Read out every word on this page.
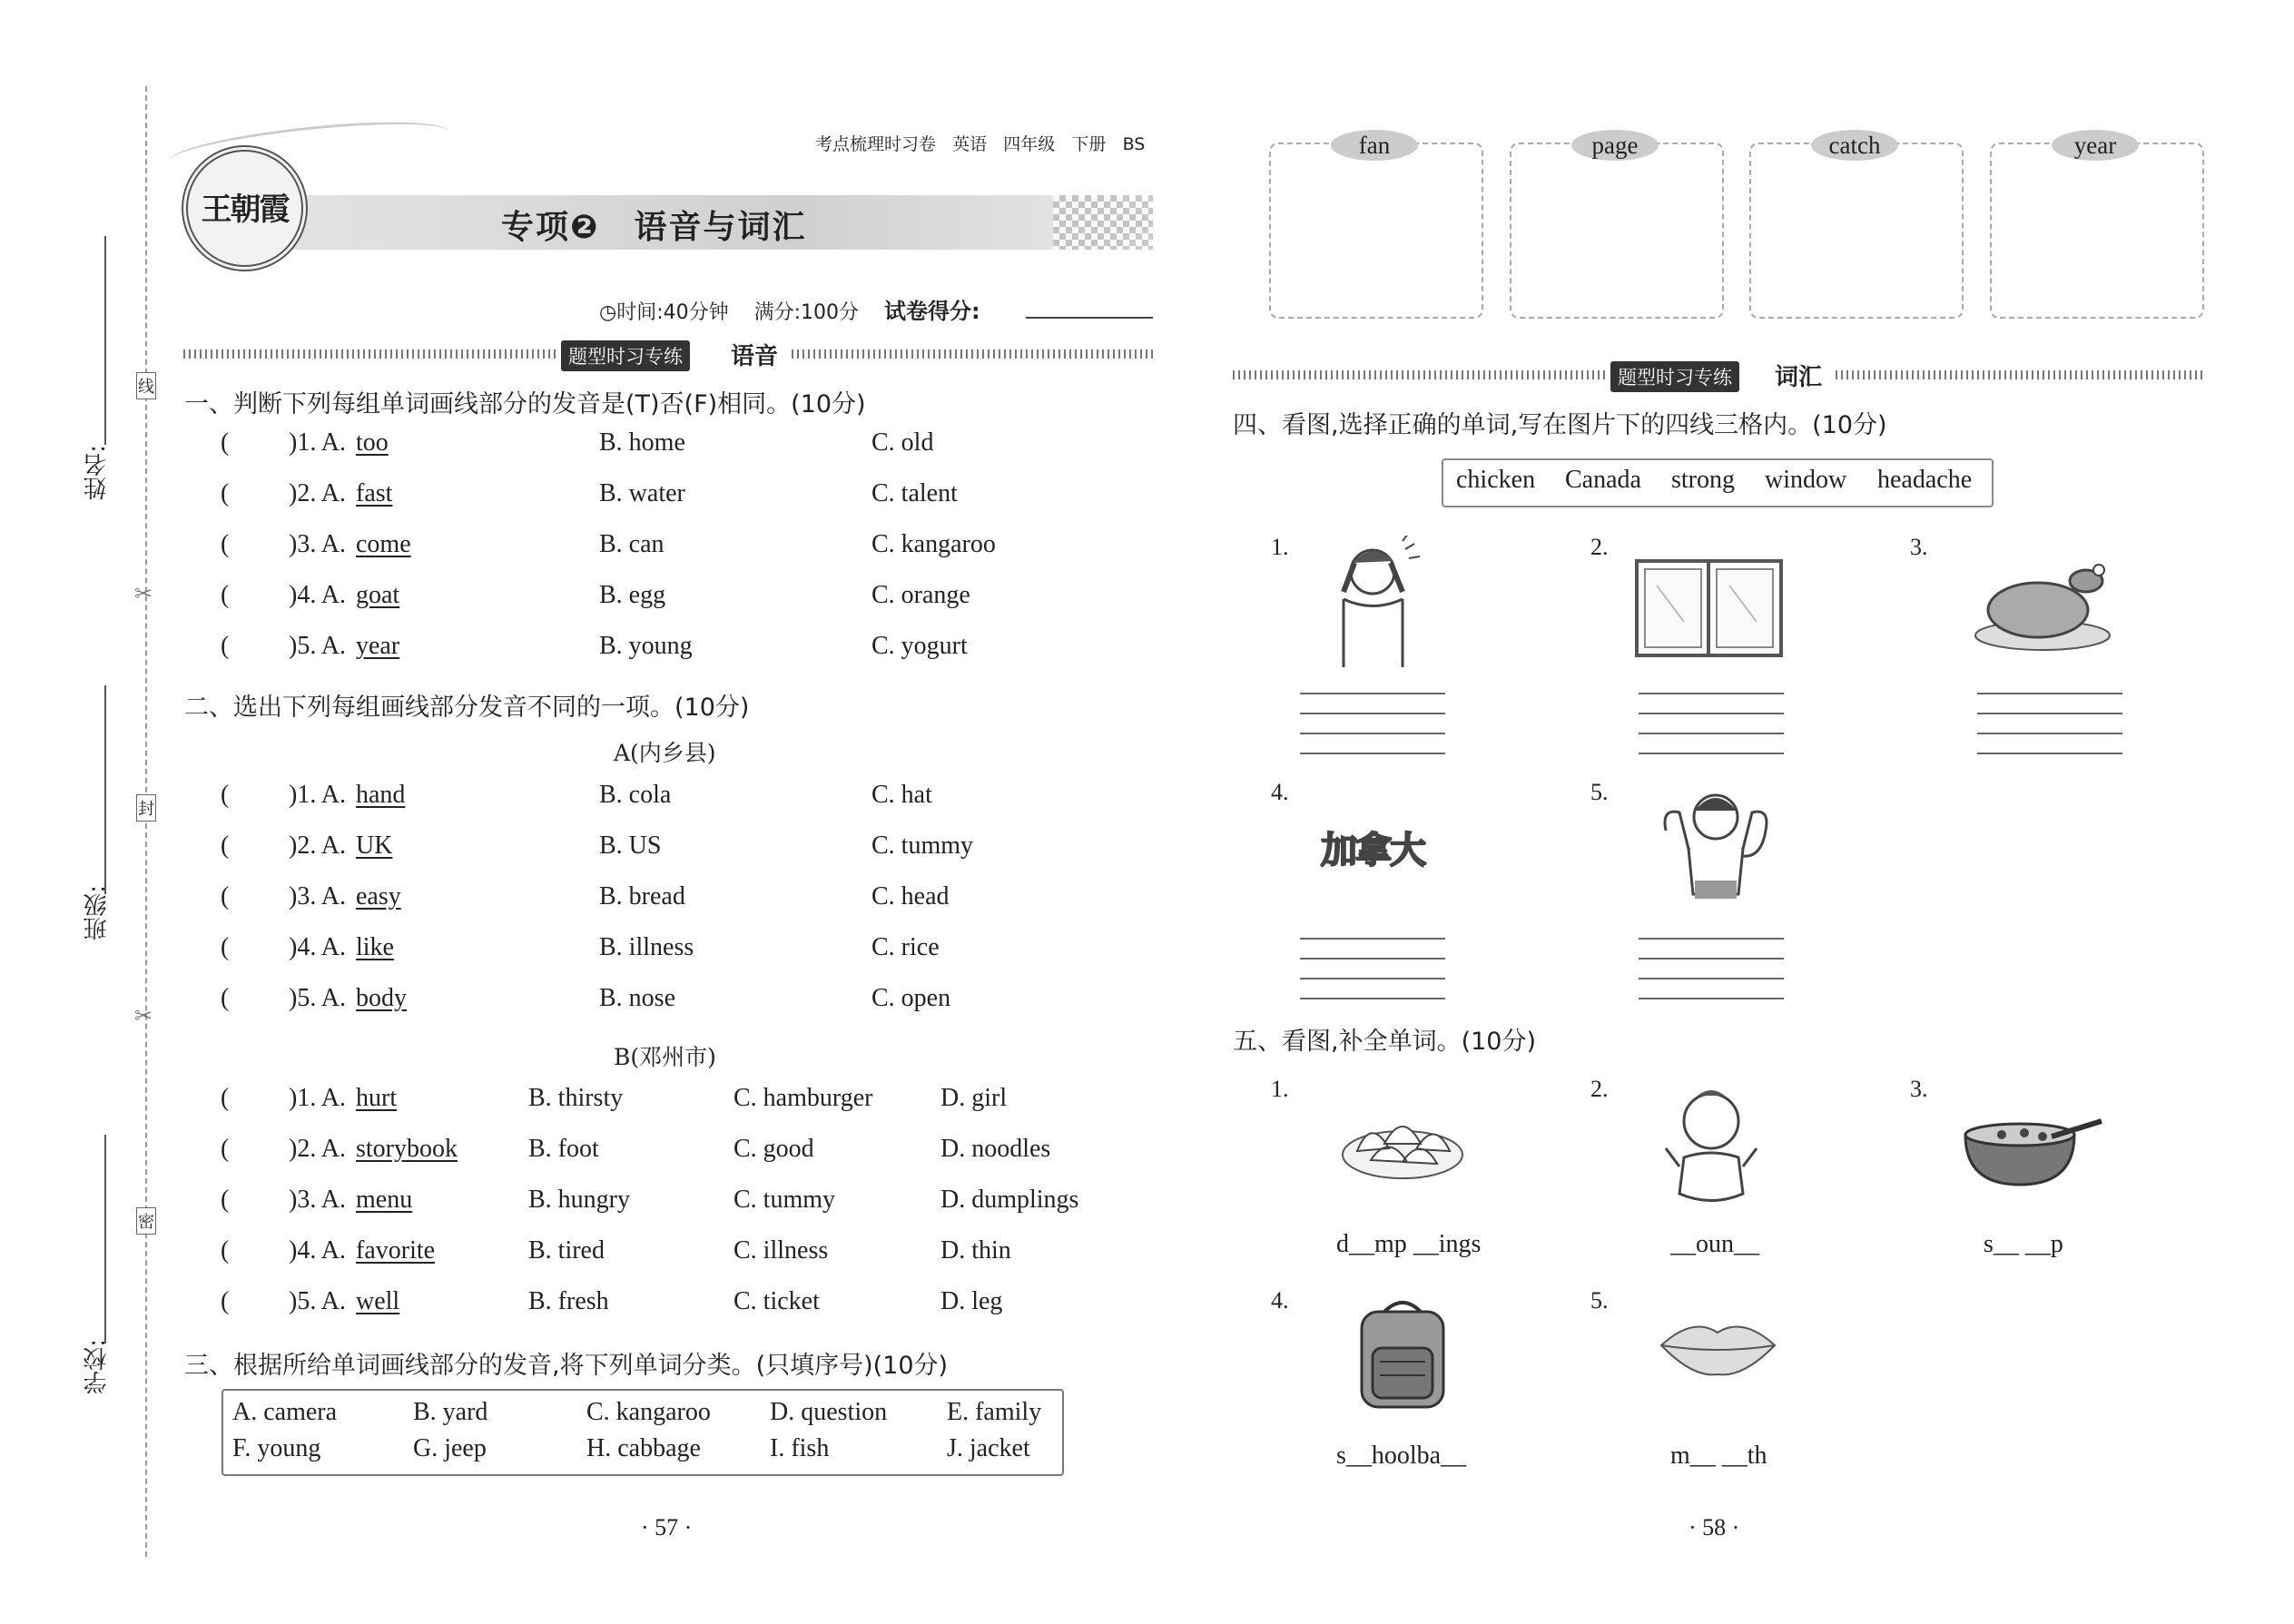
姓名:
班级:
学校:
线
封
密
✂
✂
考点梳理时习卷 英语 四年级 下册 BS
王朝霞	专项❷　语音与词汇
◷时间:40分钟 满分:100分 试卷得分:
题型时习专练	语音
一、判断下列每组单词画线部分的发音是(T)否(F)相同。(10分)
( )1. A. too	B. home	C. old
( )2. A. fast	B. water	C. talent
( )3. A. come	B. can	C. kangaroo
( )4. A. goat	B. egg	C. orange
( )5. A. year	B. young	C. yogurt
二、选出下列每组画线部分发音不同的一项。(10分)
A(内乡县)
( )1. A. hand	B. cola	C. hat
( )2. A. UK	B. US	C. tummy
( )3. A. easy	B. bread	C. head
( )4. A. like	B. illness	C. rice
( )5. A. body	B. nose	C. open
B(邓州市)
( )1. A. hurt	B. thirsty	C. hamburger	D. girl
( )2. A. storybook	B. foot	C. good	D. noodles
( )3. A. menu	B. hungry	C. tummy	D. dumplings
( )4. A. favorite	B. tired	C. illness	D. thin
( )5. A. well	B. fresh	C. ticket	D. leg
三、根据所给单词画线部分的发音,将下列单词分类。(只填序号)(10分)
A. camera	B. yard	C. kangaroo D. question E. family
F. young	G. jeep	H. cabbage	I. fish	J. jacket
· 57 ·
fan	page	catch	year
题型时习专练	词汇
四、看图,选择正确的单词,写在图片下的四线三格内。(10分)
chicken Canada strong window headache
1.	2.	3.
4.	5.
加拿大
五、看图,补全单词。(10分)
1.	2.	3.
4.	5.
d__mp __ings	__oun__	s__ __p
s__hoolba__	m__ __th
· 58 ·
